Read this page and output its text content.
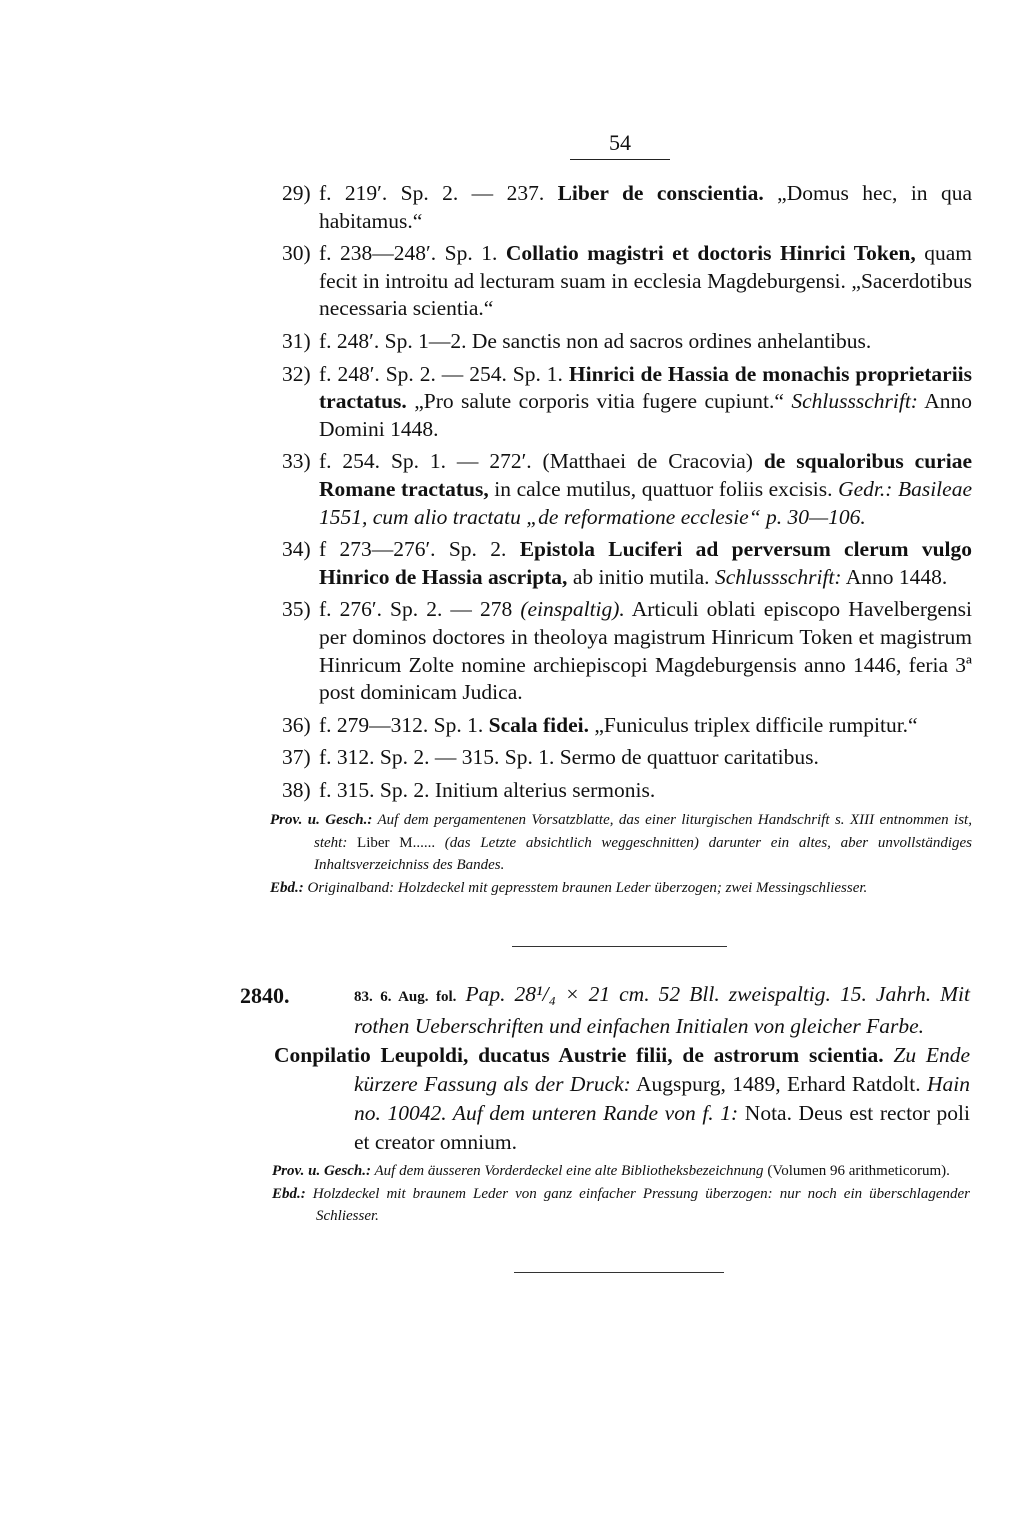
54
29) f. 219′. Sp. 2. — 237. Liber de conscientia. „Domus hec, in qua habitamus.“
30) f. 238—248′. Sp. 1. Collatio magistri et doctoris Hinrici Token, quam fecit in introitu ad lecturam suam in ecclesia Magdeburgensi. „Sacerdotibus necessaria scientia.“
31) f. 248′. Sp. 1—2. De sanctis non ad sacros ordines anhelantibus.
32) f. 248′. Sp. 2. — 254. Sp. 1. Hinrici de Hassia de monachis proprietariis tractatus. „Pro salute corporis vitia fugere cupiunt.“ Schlussschrift: Anno Domini 1448.
33) f. 254. Sp. 1. — 272′. (Matthaei de Cracovia) de squaloribus curiae Romane tractatus, in calce mutilus, quattuor foliis excisis. Gedr.: Basileae 1551, cum alio tractatu „de reformatione ecclesie“ p. 30—106.
34) f 273—276′. Sp. 2. Epistola Luciferi ad perversum clerum vulgo Hinrico de Hassia ascripta, ab initio mutila. Schlussschrift: Anno 1448.
35) f. 276′. Sp. 2. — 278 (einspaltig). Articuli oblati episcopo Havelbergensi per dominos doctores in theoloya magistrum Hinricum Token et magistrum Hinricum Zolte nomine archiepiscopi Magdeburgensis anno 1446, feria 3ª post dominicam Judica.
36) f. 279—312. Sp. 1. Scala fidei. „Funiculus triplex difficile rumpitur.“
37) f. 312. Sp. 2. — 315. Sp. 1. Sermo de quattuor caritatibus.
38) f. 315. Sp. 2. Initium alterius sermonis.
Prov. u. Gesch.: Auf dem pergamentenen Vorsatzblatte, das einer liturgischen Handschrift s. XIII entnommen ist, steht: Liber M...... (das Letzte absichtlich weggeschnitten) darunter ein altes, aber unvollständiges Inhaltsverzeichniss des Bandes.
Ebd.: Originalband: Holzdeckel mit gepresstem braunen Leder überzogen; zwei Messingschliesser.
2840.	83. 6. Aug. fol. Pap. 28¹/₄ × 21 cm. 52 Bll. zweispaltig. 15. Jahrh. Mit rothen Ueberschriften und einfachen Initialen von gleicher Farbe.
Conpilatio Leupoldi, ducatus Austrie filii, de astrorum scientia. Zu Ende kürzere Fassung als der Druck: Augspurg, 1489, Erhard Ratdolt. Hain no. 10042. Auf dem unteren Rande von f. 1: Nota. Deus est rector poli et creator omnium.
Prov. u. Gesch.: Auf dem äusseren Vorderdeckel eine alte Bibliotheksbezeichnung (Volumen 96 arithmeticorum).
Ebd.: Holzdeckel mit braunem Leder von ganz einfacher Pressung überzogen: nur noch ein überschlagender Schliesser.
